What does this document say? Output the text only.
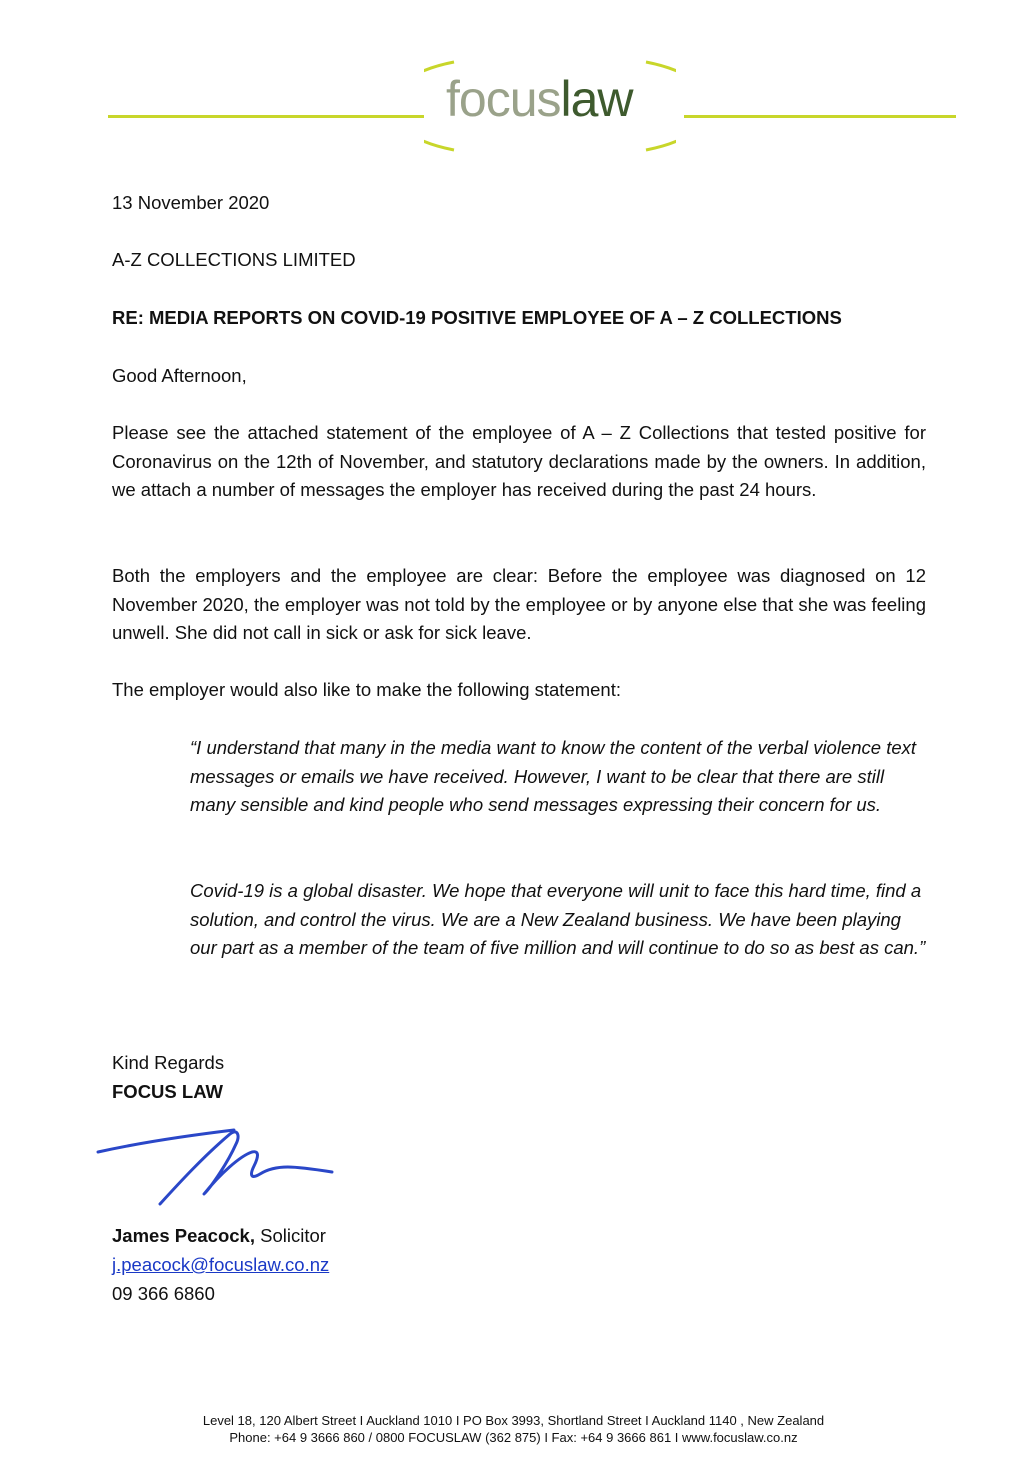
focuslaw
13 November 2020
A-Z COLLECTIONS LIMITED
RE: MEDIA REPORTS ON COVID-19 POSITIVE EMPLOYEE OF A – Z COLLECTIONS
Good Afternoon,
Please see the attached statement of the employee of A – Z Collections that tested positive for Coronavirus on the 12th of November, and statutory declarations made by the owners. In addition, we attach a number of messages the employer has received during the past 24 hours.
Both the employers and the employee are clear: Before the employee was diagnosed on 12 November 2020, the employer was not told by the employee or by anyone else that she was feeling unwell. She did not call in sick or ask for sick leave.
The employer would also like to make the following statement:
“I understand that many in the media want to know the content of the verbal violence text messages or emails we have received. However, I want to be clear that there are still many sensible and kind people who send messages expressing their concern for us.
Covid-19 is a global disaster. We hope that everyone will unit to face this hard time, find a solution, and control the virus. We are a New Zealand business. We have been playing our part as a member of the team of five million and will continue to do so as best as can.”
Kind Regards
FOCUS LAW
James Peacock, Solicitor
j.peacock@focuslaw.co.nz
09 366 6860
Level 18, 120 Albert Street I Auckland 1010 I PO Box 3993, Shortland Street I Auckland 1140 , New Zealand
Phone: +64 9 3666 860 / 0800 FOCUSLAW (362 875) I Fax: +64 9 3666 861 I www.focuslaw.co.nz
